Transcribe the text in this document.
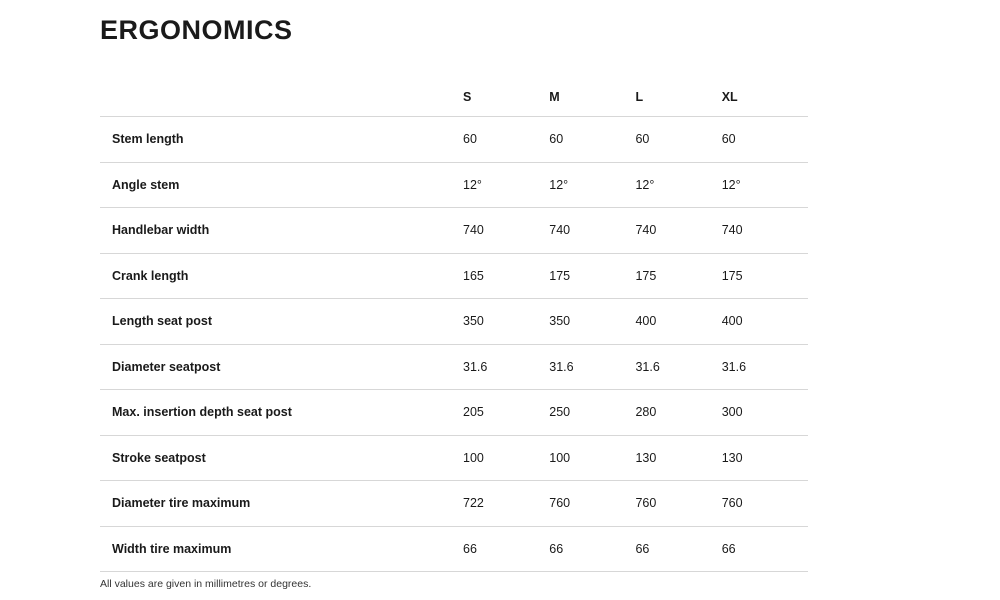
ERGONOMICS
	S	M	L	XL
Stem length	60	60	60	60
Angle stem	12°	12°	12°	12°
Handlebar width	740	740	740	740
Crank length	165	175	175	175
Length seat post	350	350	400	400
Diameter seatpost	31.6	31.6	31.6	31.6
Max. insertion depth seat post	205	250	280	300
Stroke seatpost	100	100	130	130
Diameter tire maximum	722	760	760	760
Width tire maximum	66	66	66	66
All values are given in millimetres or degrees.
